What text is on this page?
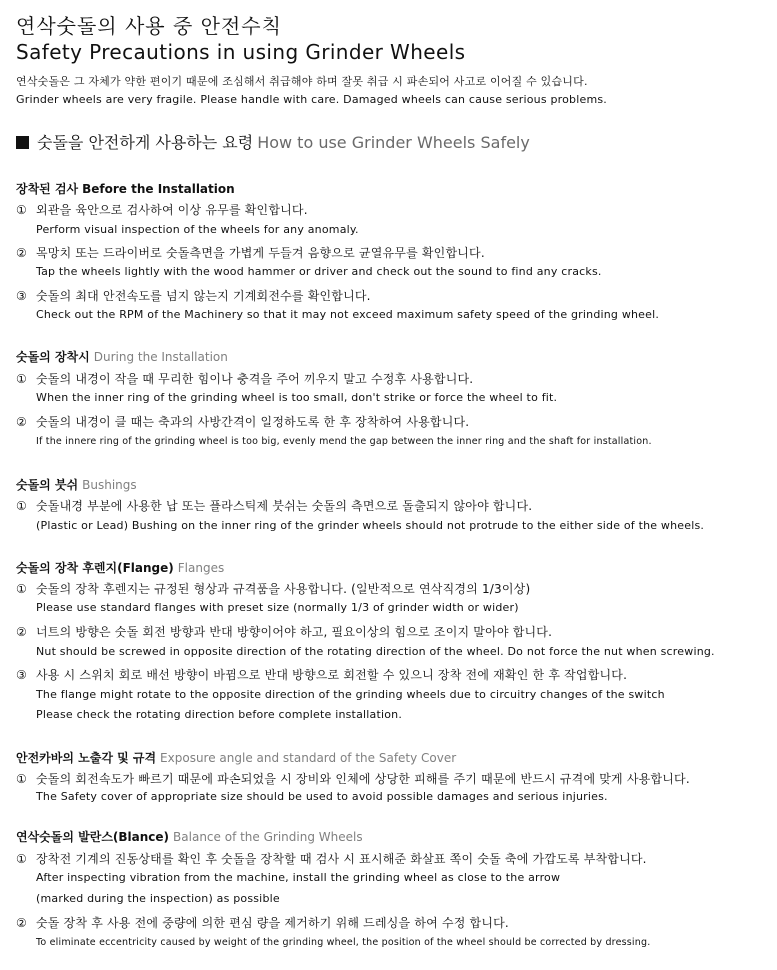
연삭숫돌의 사용 중 안전수칙
Safety Precautions in using Grinder Wheels
연삭숫돌은 그 자체가 약한 편이기 때문에 조심해서 취급해야 하며 잘못 취급 시 파손되어 사고로 이어질 수 있습니다.
Grinder wheels are very fragile. Please handle with care. Damaged wheels can cause serious problems.
숫돌을 안전하게 사용하는 요령 How to use Grinder Wheels Safely
장착된 검사 Before the Installation
① 외관을 육안으로 검사하여 이상 유무를 확인합니다.
Perform visual inspection of the wheels for any anomaly.
② 목망치 또는 드라이버로 숫돌측면을 가볍게 두들겨 음향으로 균열유무를 확인합니다.
Tap the wheels lightly with the wood hammer or driver and check out the sound to find any cracks.
③ 숫돌의 최대 안전속도를 넘지 않는지 기계회전수를 확인합니다.
Check out the RPM of the Machinery so that it may not exceed maximum safety speed of the grinding wheel.
숫돌의 장착시 During the Installation
① 숫돌의 내경이 작을 때 무리한 힘이나 충격을 주어 끼우지 말고 수정후 사용합니다.
When the inner ring of the grinding wheel is too small, don't strike or force the wheel to fit.
② 숫돌의 내경이 클 때는 축과의 사방간격이 일정하도록 한 후 장착하여 사용합니다.
If the innere ring of the grinding wheel is too big, evenly mend the gap between the inner ring and the shaft for installation.
숫돌의 붓쉬 Bushings
① 숫돌내경 부분에 사용한 납 또는 플라스틱제 붓쉬는 숫돌의 측면으로 돌출되지 않아야 합니다.
(Plastic or Lead) Bushing on the inner ring of the grinder wheels should not protrude to the either side of the wheels.
숫돌의 장착 후렌지(Flange) Flanges
① 숫돌의 장착 후렌지는 규정된 형상과 규격품을 사용합니다. (일반적으로 연삭직경의 1/3이상)
Please use standard flanges with preset size (normally 1/3 of grinder width or wider)
② 너트의 방향은 숫돌 회전 방향과 반대 방향이어야 하고, 필요이상의 힘으로 조이지 말아야 합니다.
Nut should be screwed in opposite direction of the rotating direction of the wheel. Do not force the nut when screwing.
③ 사용 시 스위치 회로 배선 방향이 바뀜으로 반대 방향으로 회전할 수 있으니 장착 전에 재확인 한 후 작업합니다.
The flange might rotate to the opposite direction of the grinding wheels due to circuitry changes of the switch
Please check the rotating direction before complete installation.
안전카바의 노출각 및 규격 Exposure angle and standard of the Safety Cover
① 숫돌의 회전속도가 빠르기 때문에 파손되었을 시 장비와 인체에 상당한 피해를 주기 때문에 반드시 규격에 맞게 사용합니다.
The Safety cover of appropriate size should be used to avoid possible damages and serious injuries.
연삭숫돌의 발란스(Blance) Balance of the Grinding Wheels
① 장착전 기계의 진동상태를 확인 후 숫돌을 장착할 때 검사 시 표시해준 화살표 쪽이 숫돌 축에 가깝도록 부착합니다.
After inspecting vibration from the machine, install the grinding wheel as close to the arrow
(marked during the inspection) as possible
② 숫돌 장착 후 사용 전에 중량에 의한 편심 량을 제거하기 위해 드레싱을 하여 수정 합니다.
To eliminate eccentricity caused by weight of the grinding wheel, the position of the wheel should be corrected by dressing.
